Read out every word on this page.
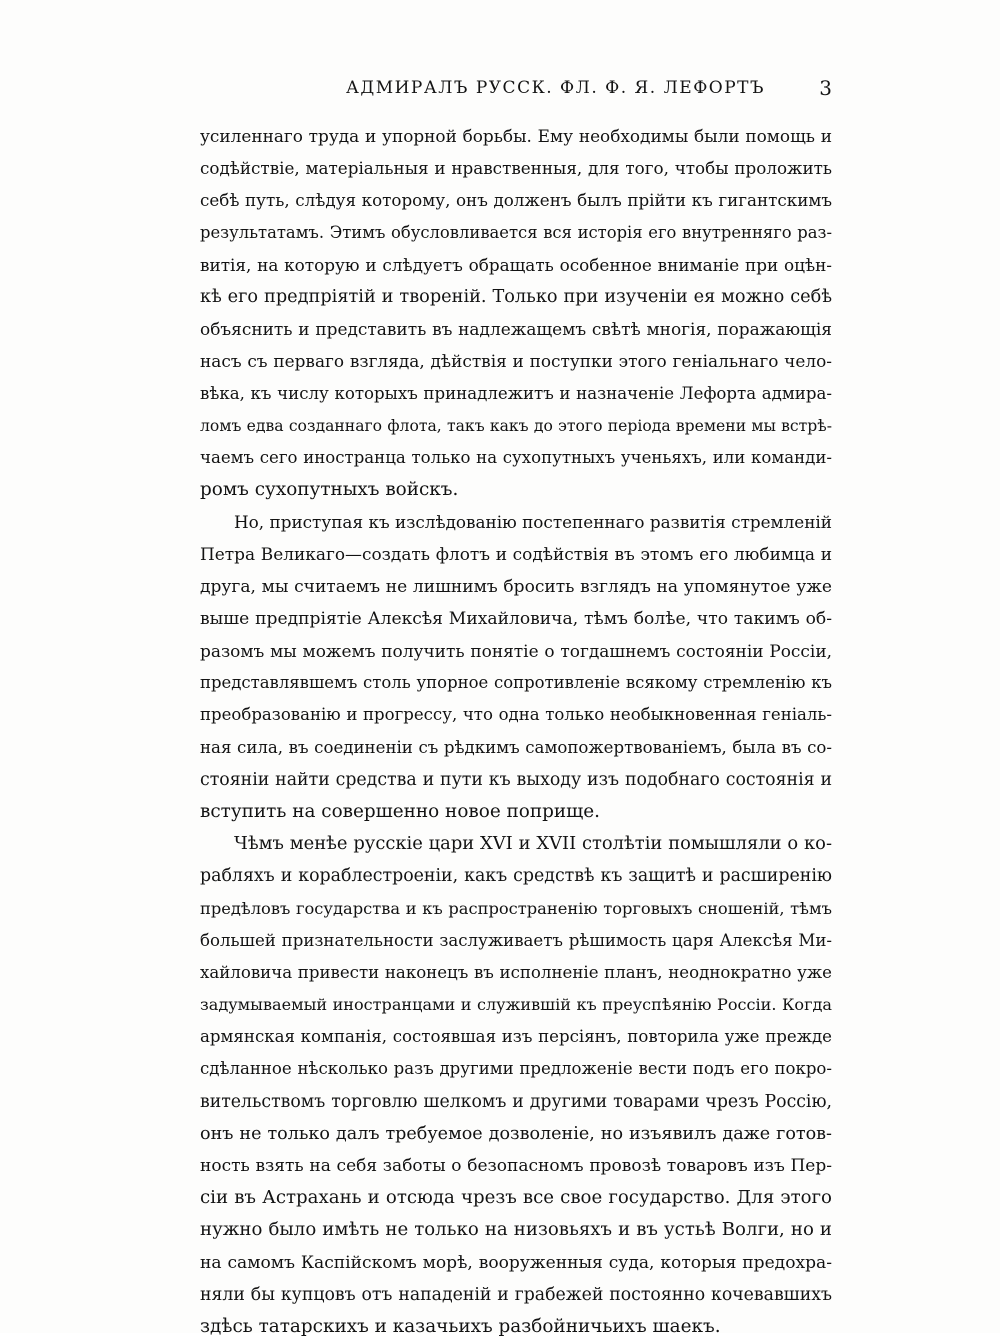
АДМИРАЛЪ РУССК. ФЛ. Ф. Я. ЛЕФОРТЪ	3
усиленнаго труда и упорной борьбы. Ему необходимы были помощь и
содѣйствіе, матеріальныя и нравственныя, для того, чтобы проложить
себѣ путь, слѣдуя которому, онъ долженъ былъ прійти къ гигантскимъ
результатамъ. Этимъ обусловливается вся исторія его внутренняго раз-
витія, на которую и слѣдуетъ обращать особенное вниманіе при оцѣн-
кѣ его предпріятій и твореній. Только при изученіи ея можно себѣ
объяснить и представить въ надлежащемъ свѣтѣ многія, поражающія
насъ съ перваго взгляда, дѣйствія и поступки этого геніальнаго чело-
вѣка, къ числу которыхъ принадлежитъ и назначеніе Лефорта адмира-
ломъ едва созданнаго флота, такъ какъ до этого періода времени мы встрѣ-
чаемъ сего иностранца только на сухопутныхъ ученьяхъ, или команди-
ромъ сухопутныхъ войскъ.
Но, приступая къ изслѣдованію постепеннаго развитія стремленій
Петра Великаго—создать флотъ и содѣйствія въ этомъ его любимца и
друга, мы считаемъ не лишнимъ бросить взглядъ на упомянутое уже
выше предпріятіе Алексѣя Михайловича, тѣмъ болѣе, что такимъ об-
разомъ мы можемъ получить понятіе о тогдашнемъ состояніи Россіи,
представлявшемъ столь упорное сопротивленіе всякому стремленію къ
преобразованію и прогрессу, что одна только необыкновенная геніаль-
ная сила, въ соединеніи съ рѣдкимъ самопожертвованіемъ, была въ со-
стояніи найти средства и пути къ выходу изъ подобнаго состоянія и
вступить на совершенно новое поприще.
Чѣмъ менѣе русскіе цари XVI и XVII столѣтіи помышляли о ко-
рабляхъ и кораблестроеніи, какъ средствѣ къ защитѣ и расширенію
предѣловъ государства и къ распространенію торговыхъ сношеній, тѣмъ
большей признательности заслуживаетъ рѣшимость царя Алексѣя Ми-
хайловича привести наконецъ въ исполненіе планъ, неоднократно уже
задумываемый иностранцами и служившій къ преуспѣянію Россіи. Когда
армянская компанія, состоявшая изъ персіянъ, повторила уже прежде
сдѣланное нѣсколько разъ другими предложеніе вести подъ его покро-
вительствомъ торговлю шелкомъ и другими товарами чрезъ Россію,
онъ не только далъ требуемое дозволеніе, но изъявилъ даже готов-
ность взять на себя заботы о безопасномъ провозѣ товаровъ изъ Пер-
сіи въ Астрахань и отсюда чрезъ все свое государство. Для этого
нужно было имѣть не только на низовьяхъ и въ устьѣ Волги, но и
на самомъ Каспійскомъ морѣ, вооруженныя суда, которыя предохра-
няли бы купцовъ отъ нападеній и грабежей постоянно кочевавшихъ
здѣсь татарскихъ и казачьихъ разбойничьихъ шаекъ.
